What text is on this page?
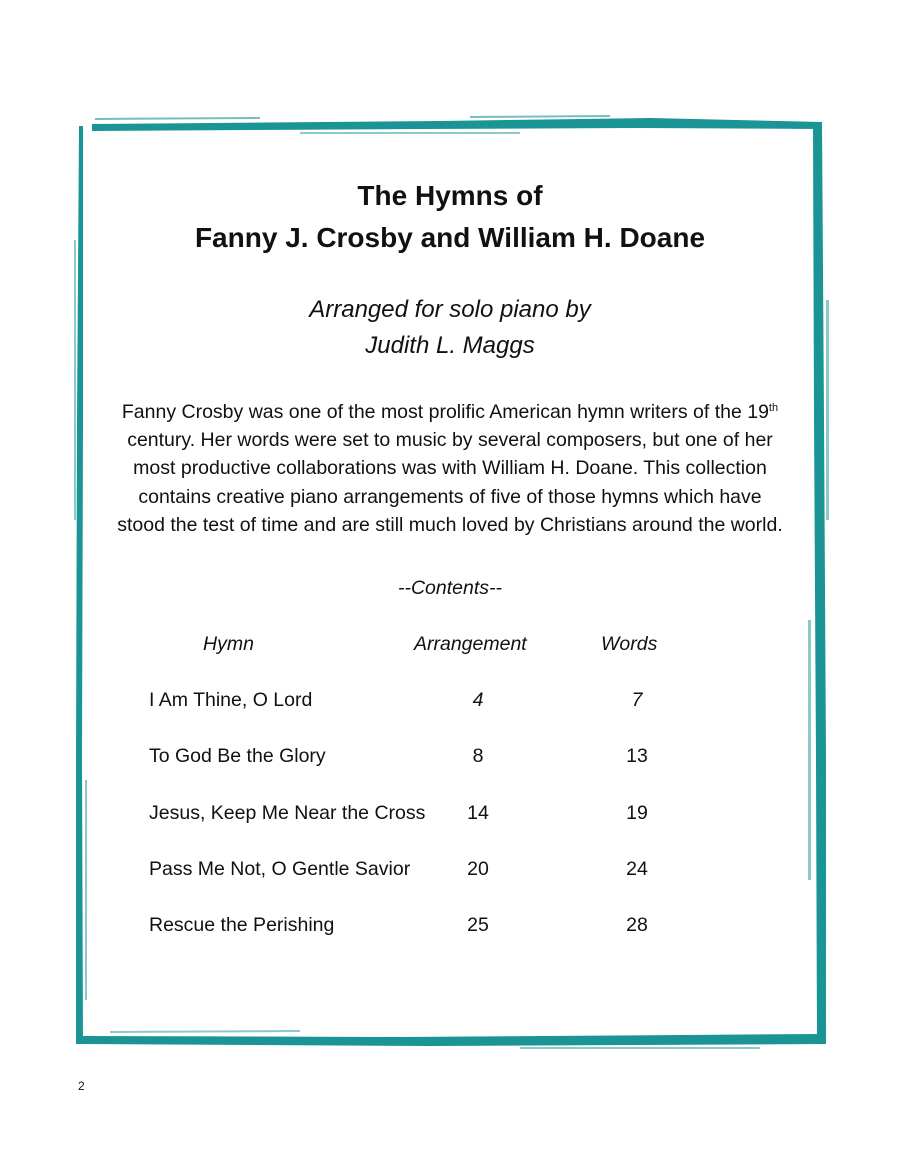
The Hymns of
Fanny J. Crosby and William H. Doane
Arranged for solo piano by
Judith L. Maggs
Fanny Crosby was one of the most prolific American hymn writers of the 19th
century. Her words were set to music by several composers, but one of her
most productive collaborations was with William H. Doane. This collection
contains creative piano arrangements of five of those hymns which have
stood the test of time and are still much loved by Christians around the world.
--Contents--
Hymn	Arrangement	Words
I Am Thine, O Lord	4	7
To God Be the Glory	8	13
Jesus, Keep Me Near the Cross	14	19
Pass Me Not, O Gentle Savior	20	24
Rescue the Perishing	25	28
2
